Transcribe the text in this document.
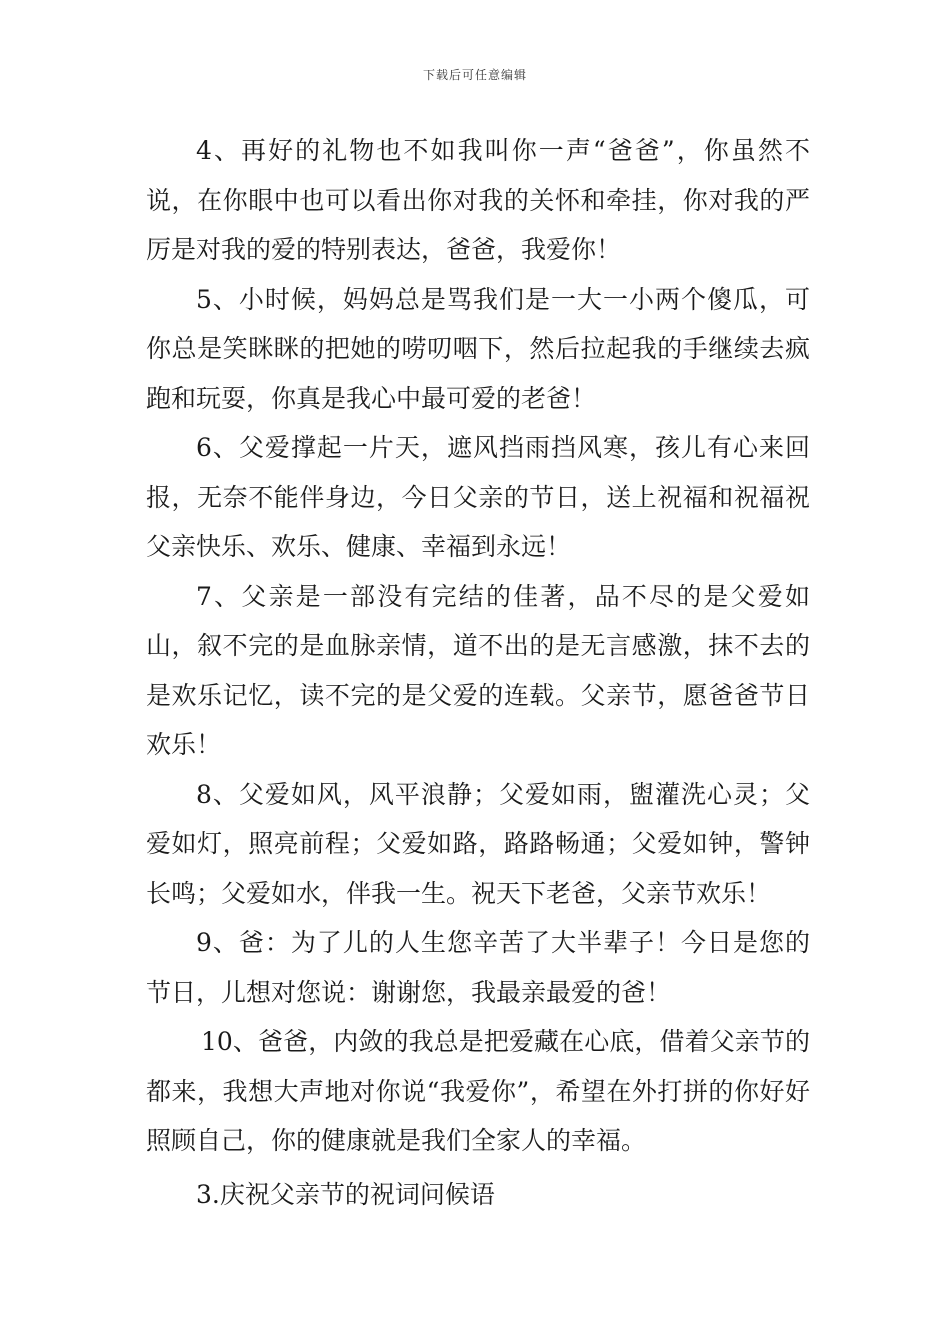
下载后可任意编辑

4、再好的礼物也不如我叫你一声“爸爸”，你虽然不说，在你眼中也可以看出你对我的关怀和牵挂，你对我的严厉是对我的爱的特别表达，爸爸，我爱你！

5、小时候，妈妈总是骂我们是一大一小两个傻瓜，可你总是笑眯眯的把她的唠叨咽下，然后拉起我的手继续去疯跑和玩耍，你真是我心中最可爱的老爸！

6、父爱撑起一片天，遮风挡雨挡风寒，孩儿有心来回报，无奈不能伴身边，今日父亲的节日，送上祝福和祝福祝父亲快乐、欢乐、健康、幸福到永远！

7、父亲是一部没有完结的佳著，品不尽的是父爱如山，叙不完的是血脉亲情，道不出的是无言感激，抹不去的是欢乐记忆，读不完的是父爱的连载。父亲节，愿爸爸节日欢乐！

8、父爱如风，风平浪静；父爱如雨，盥灌洗心灵；父爱如灯，照亮前程；父爱如路，路路畅通；父爱如钟，警钟长鸣；父爱如水，伴我一生。祝天下老爸，父亲节欢乐！

9、爸：为了儿的人生您辛苦了大半辈子！今日是您的节日，儿想对您说：谢谢您，我最亲最爱的爸！

10、爸爸，内敛的我总是把爱藏在心底，借着父亲节的都来，我想大声地对你说“我爱你”，希望在外打拼的你好好照顾自己，你的健康就是我们全家人的幸福。

3.庆祝父亲节的祝词问候语
